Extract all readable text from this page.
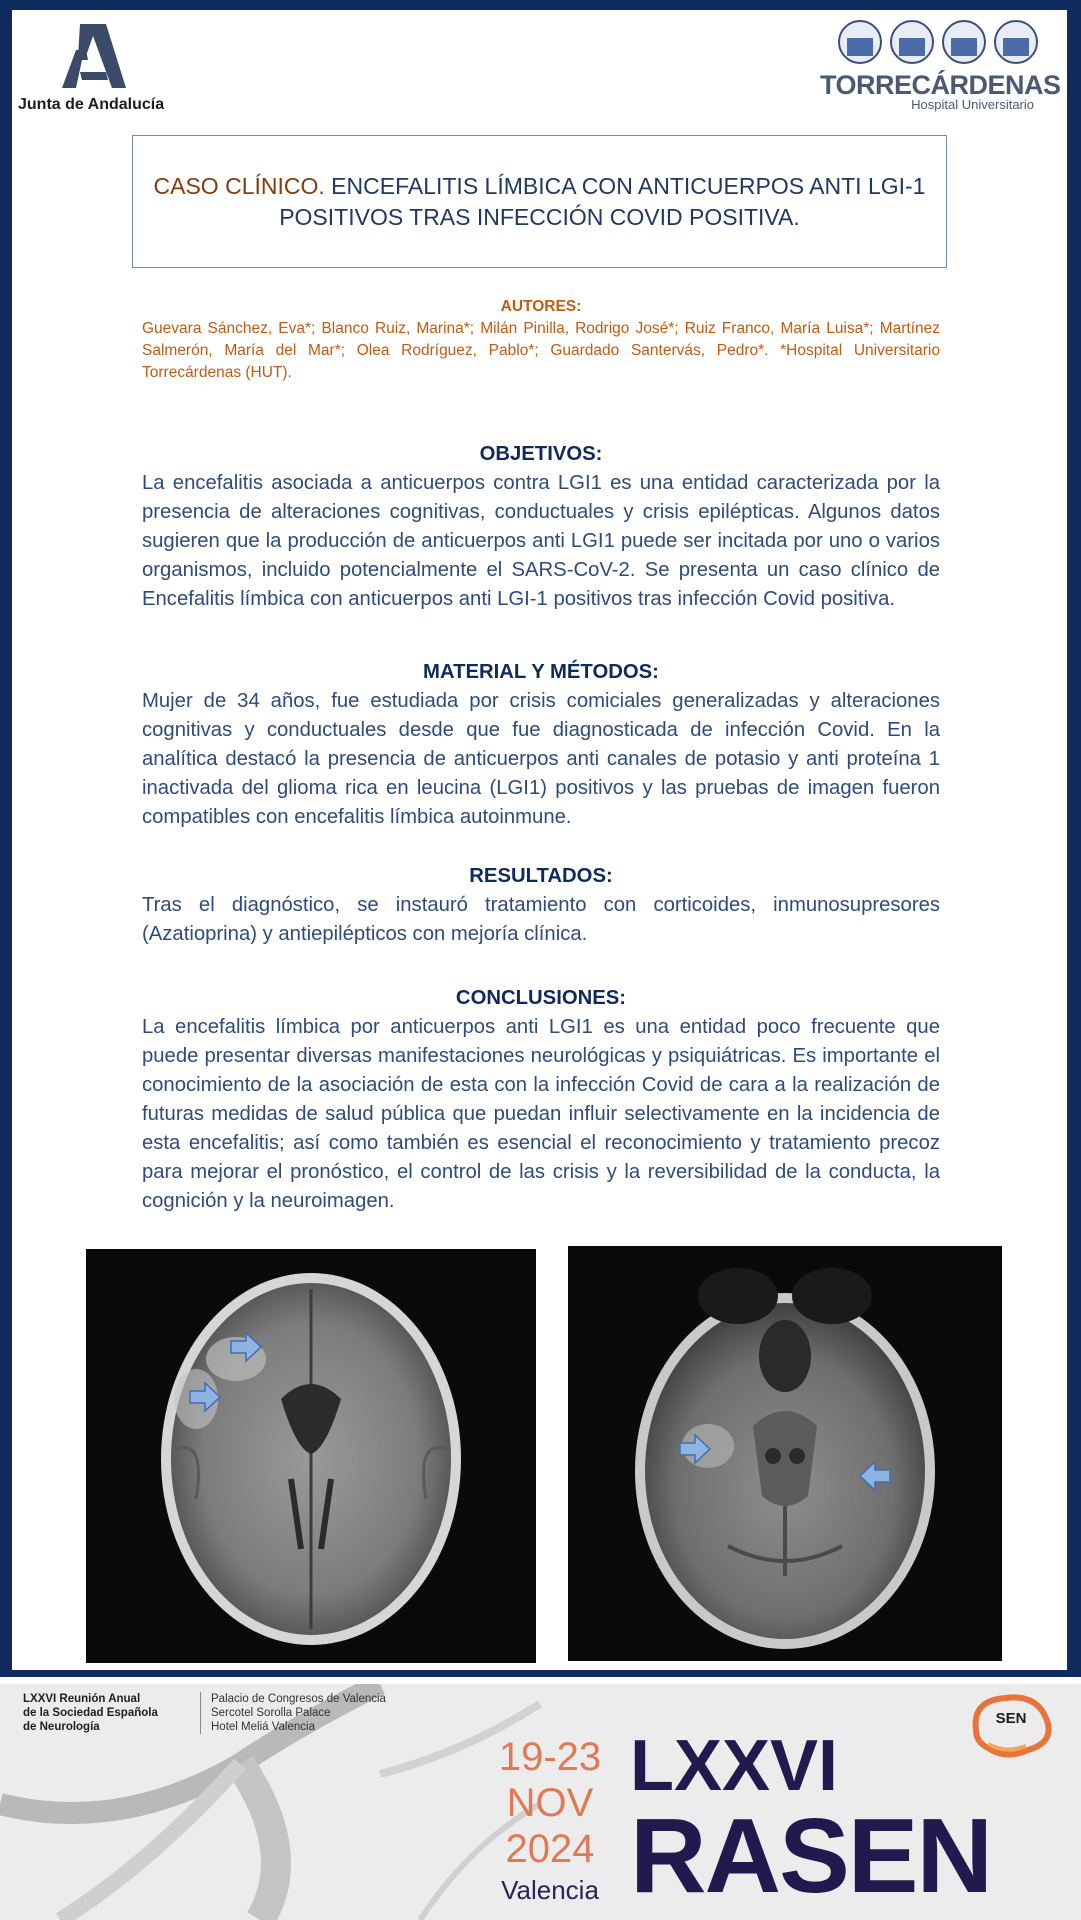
Junta de Andalucía
TORRECÁRDENAS
Hospital Universitario
CASO CLÍNICO. ENCEFALITIS LÍMBICA CON ANTICUERPOS ANTI LGI-1 POSITIVOS TRAS INFECCIÓN COVID POSITIVA.
AUTORES:
Guevara Sánchez, Eva*; Blanco Ruiz, Marina*; Milán Pinilla, Rodrigo José*; Ruiz Franco, María Luisa*; Martínez Salmerón, María del Mar*; Olea Rodríguez, Pablo*; Guardado Santervás, Pedro*. *Hospital Universitario Torrecárdenas (HUT).
OBJETIVOS:
La encefalitis asociada a anticuerpos contra LGI1 es una entidad caracterizada por la presencia de alteraciones cognitivas, conductuales y crisis epilépticas. Algunos datos sugieren que la producción de anticuerpos anti LGI1 puede ser incitada por uno o varios organismos, incluido potencialmente el SARS-CoV-2. Se presenta un caso clínico de Encefalitis límbica con anticuerpos anti LGI-1 positivos tras infección Covid positiva.
MATERIAL Y MÉTODOS:
Mujer de 34 años, fue estudiada por crisis comiciales generalizadas y alteraciones cognitivas y conductuales desde que fue diagnosticada de infección Covid. En la analítica destacó la presencia de anticuerpos anti canales de potasio y anti proteína 1 inactivada del glioma rica en leucina (LGI1) positivos y las pruebas de imagen fueron compatibles con encefalitis límbica autoinmune.
RESULTADOS:
Tras el diagnóstico, se instauró tratamiento con corticoides, inmunosupresores (Azatioprina) y antiepilépticos con mejoría clínica.
CONCLUSIONES:
La encefalitis límbica por anticuerpos anti LGI1 es una entidad poco frecuente que puede presentar diversas manifestaciones neurológicas y psiquiátricas. Es importante el conocimiento de la asociación de esta con la infección Covid de cara a la realización de futuras medidas de salud pública que puedan influir selectivamente en la incidencia de esta encefalitis; así como también es esencial el reconocimiento y tratamiento precoz para mejorar el pronóstico, el control de las crisis y la reversibilidad de la conducta, la cognición y la neuroimagen.
LXXVI Reunión Anual
de la Sociedad Española
de Neurología
Palacio de Congresos de Valencia
Sercotel Sorolla Palace
Hotel Meliá Valencia
19-23
NOV
2024
Valencia
LXXVI
RASEN
SEN
